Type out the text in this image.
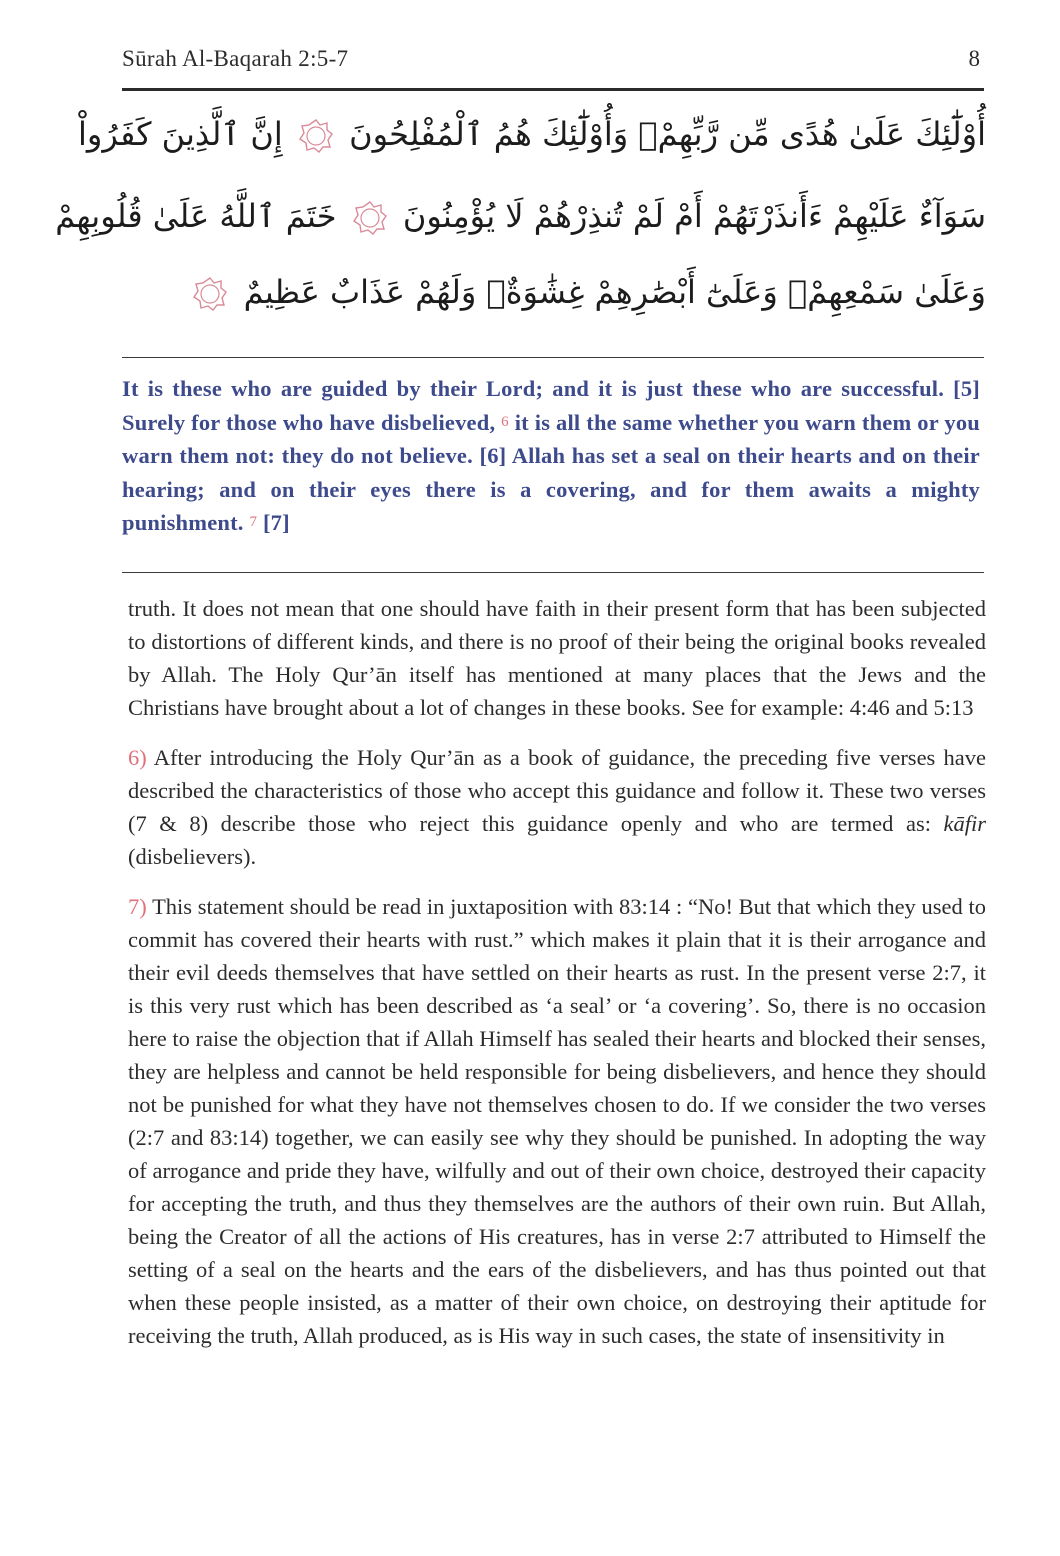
Sūrah Al-Baqarah 2:5-7	8
أُوْلَٰٓئِكَ عَلَىٰ هُدًى مِّن رَّبِّهِمْۖ وَأُوْلَٰٓئِكَ هُمُ ٱلْمُفْلِحُونَ
إِنَّ ٱلَّذِينَ كَفَرُواْ
سَوَآءٌ عَلَيْهِمْ ءَأَنذَرْتَهُمْ أَمْ لَمْ تُنذِرْهُمْ لَا يُؤْمِنُونَ
خَتَمَ ٱللَّهُ عَلَىٰ قُلُوبِهِمْ
وَعَلَىٰ سَمْعِهِمْۖ وَعَلَىٰٓ أَبْصَٰرِهِمْ غِشَٰوَةٌۖ وَلَهُمْ عَذَابٌ عَظِيمٌ
It is these who are guided by their Lord; and it is just these who are successful. [5] Surely for those who have disbelieved, 6 it is all the same whether you warn them or you warn them not: they do not believe. [6] Allah has set a seal on their hearts and on their hearing; and on their eyes there is a covering, and for them awaits a mighty punishment. 7 [7]

truth. It does not mean that one should have faith in their present form that has been subjected to distortions of different kinds, and there is no proof of their being the original books revealed by Allah. The Holy Qur’ān itself has mentioned at many places that the Jews and the Christians have brought about a lot of changes in these books. See for example: 4:46 and 5:13

6) After introducing the Holy Qur’ān as a book of guidance, the preceding five verses have described the characteristics of those who accept this guidance and follow it. These two verses (7 & 8) describe those who reject this guidance openly and who are termed as: kāfir (disbelievers).

7) This statement should be read in juxtaposition with 83:14 : “No! But that which they used to commit has covered their hearts with rust.” which makes it plain that it is their arrogance and their evil deeds themselves that have settled on their hearts as rust. In the present verse 2:7, it is this very rust which has been described as ‘a seal’ or ‘a covering’. So, there is no occasion here to raise the objection that if Allah Himself has sealed their hearts and blocked their senses, they are helpless and cannot be held responsible for being disbelievers, and hence they should not be punished for what they have not themselves chosen to do. If we consider the two verses (2:7 and 83:14) together, we can easily see why they should be punished. In adopting the way of arrogance and pride they have, wilfully and out of their own choice, destroyed their capacity for accepting the truth, and thus they themselves are the authors of their own ruin. But Allah, being the Creator of all the actions of His creatures, has in verse 2:7 attributed to Himself the setting of a seal on the hearts and the ears of the disbelievers, and has thus pointed out that when these people insisted, as a matter of their own choice, on destroying their aptitude for receiving the truth, Allah produced, as is His way in such cases, the state of insensitivity in
